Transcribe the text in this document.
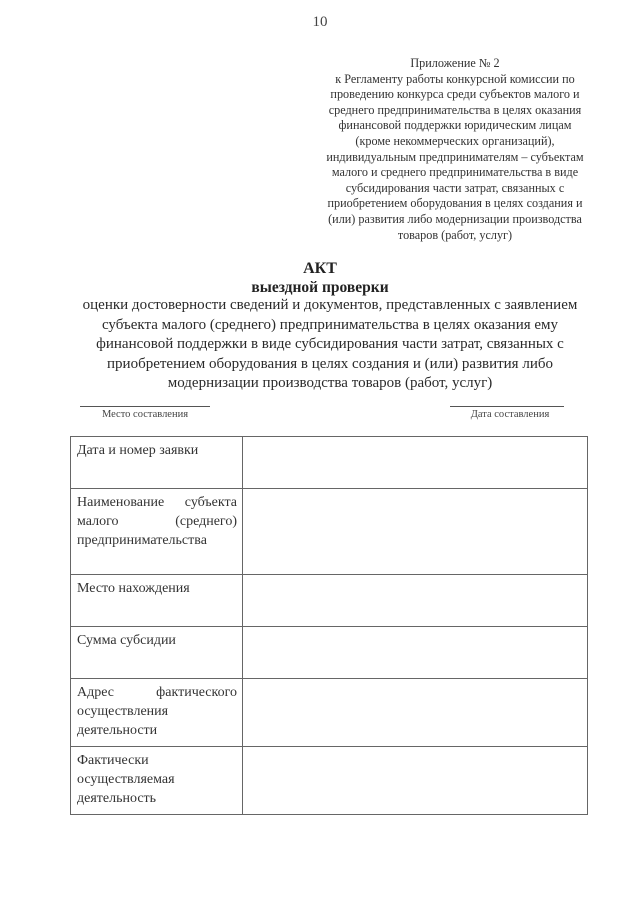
10
Приложение № 2
к Регламенту работы конкурсной комиссии по
проведению конкурса среди субъектов малого и
среднего предпринимательства в целях оказания
финансовой поддержки юридическим лицам
(кроме некоммерческих организаций),
индивидуальным предпринимателям – субъектам
малого и среднего предпринимательства в виде
субсидирования части затрат, связанных с
приобретением оборудования в целях создания и
(или) развития либо модернизации производства
товаров (работ, услуг)
АКТ
выездной проверки
оценки достоверности сведений и документов, представленных с заявлением
субъекта малого (среднего) предпринимательства в целях оказания ему
финансовой поддержки в виде субсидирования части затрат, связанных с
приобретением оборудования в целях создания и (или) развития либо
модернизации производства товаров (работ, услуг)
Место составления	Дата составления
Дата и номер заявки	
Наименование субъекта малого (среднего) предпринимательства	
Место нахождения	
Сумма субсидии	
Адрес фактического осуществления деятельности	
Фактически осуществляемая деятельность	
